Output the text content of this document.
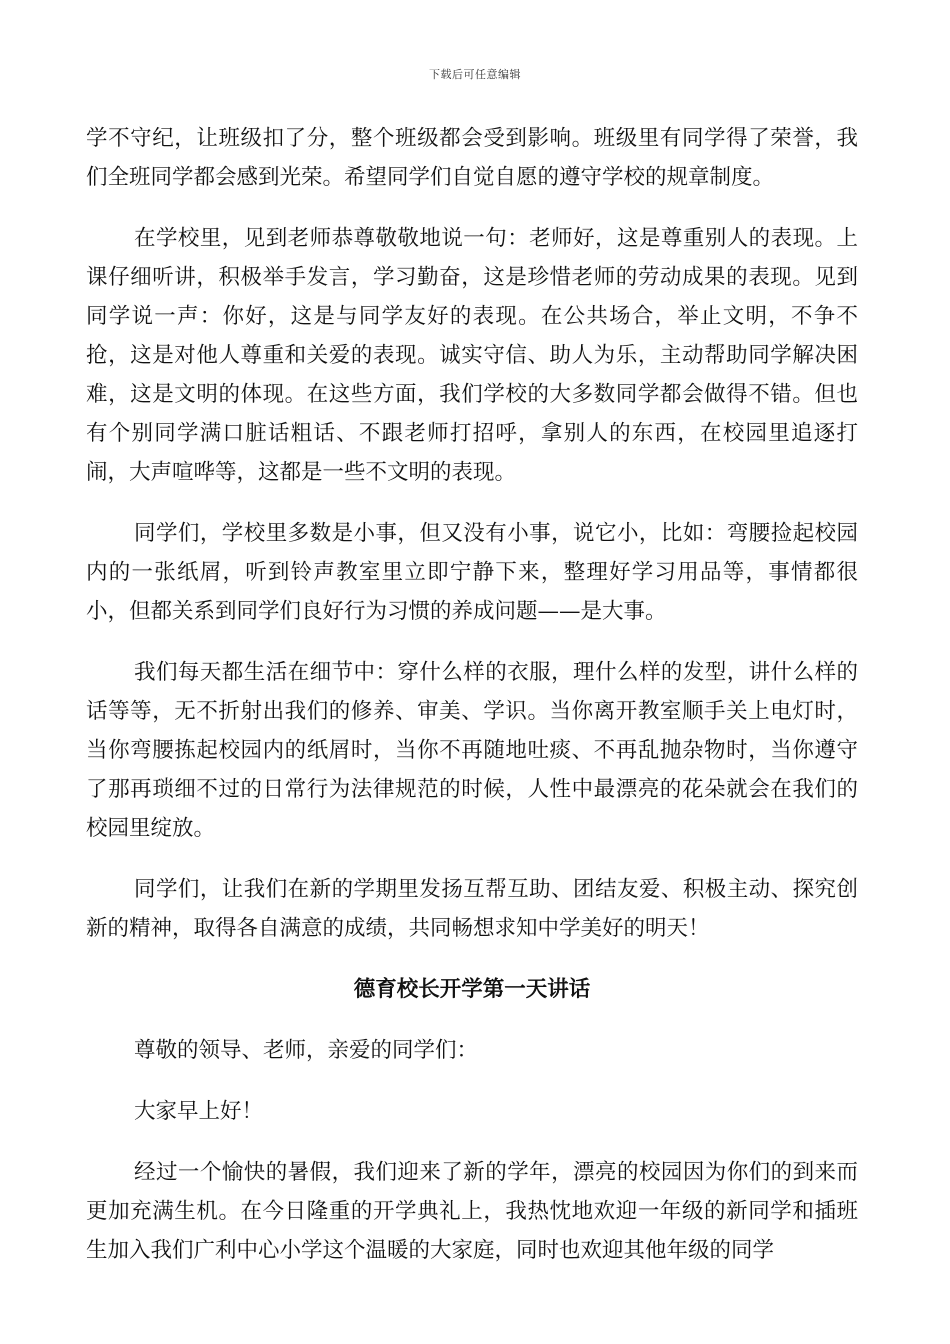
下载后可任意编辑

学不守纪，让班级扣了分，整个班级都会受到影响。班级里有同学得了荣誉，我们全班同学都会感到光荣。希望同学们自觉自愿的遵守学校的规章制度。

在学校里，见到老师恭尊敬敬地说一句：老师好，这是尊重别人的表现。上课仔细听讲，积极举手发言，学习勤奋，这是珍惜老师的劳动成果的表现。见到同学说一声：你好，这是与同学友好的表现。在公共场合，举止文明，不争不抢，这是对他人尊重和关爱的表现。诚实守信、助人为乐，主动帮助同学解决困难，这是文明的体现。在这些方面，我们学校的大多数同学都会做得不错。但也有个别同学满口脏话粗话、不跟老师打招呼，拿别人的东西，在校园里追逐打闹，大声喧哗等，这都是一些不文明的表现。

同学们，学校里多数是小事，但又没有小事，说它小，比如：弯腰捡起校园内的一张纸屑，听到铃声教室里立即宁静下来，整理好学习用品等，事情都很小，但都关系到同学们良好行为习惯的养成问题——是大事。

我们每天都生活在细节中：穿什么样的衣服，理什么样的发型，讲什么样的话等等，无不折射出我们的修养、审美、学识。当你离开教室顺手关上电灯时，当你弯腰拣起校园内的纸屑时，当你不再随地吐痰、不再乱抛杂物时，当你遵守了那再琐细不过的日常行为法律规范的时候，人性中最漂亮的花朵就会在我们的校园里绽放。

同学们，让我们在新的学期里发扬互帮互助、团结友爱、积极主动、探究创新的精神，取得各自满意的成绩，共同畅想求知中学美好的明天！

德育校长开学第一天讲话

尊敬的领导、老师，亲爱的同学们：

大家早上好！

经过一个愉快的暑假，我们迎来了新的学年，漂亮的校园因为你们的到来而更加充满生机。在今日隆重的开学典礼上，我热忱地欢迎一年级的新同学和插班生加入我们广利中心小学这个温暖的大家庭，同时也欢迎其他年级的同学
